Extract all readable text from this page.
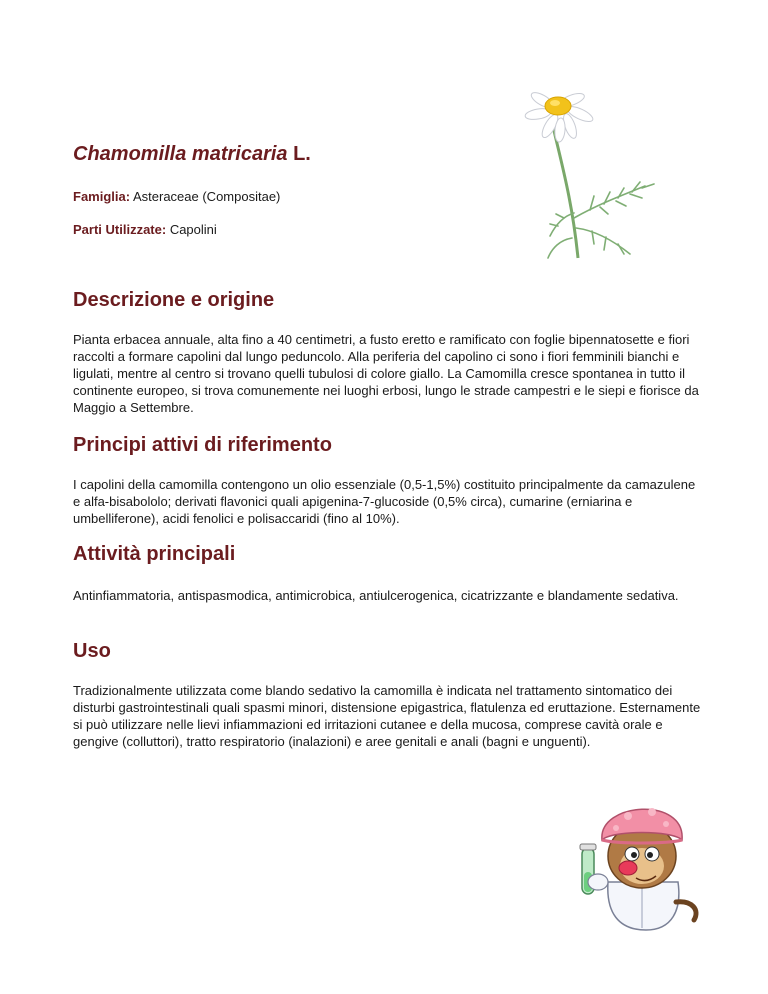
Chamomilla matricaria L.
Famiglia: Asteraceae (Compositae)
Parti Utilizzate: Capolini
Descrizione e origine

Pianta erbacea annuale, alta fino a 40 centimetri, a fusto eretto e ramificato con foglie bipennatosette e fiori raccolti a formare capolini dal lungo peduncolo. Alla periferia del capolino ci sono i fiori femminili bianchi e ligulati, mentre al centro si trovano quelli tubulosi di colore giallo. La Camomilla cresce spontanea in tutto il continente europeo, si trova comunemente nei luoghi erbosi, lungo le strade campestri e le siepi e fiorisce da Maggio a Settembre.

Principi attivi di riferimento

I capolini della camomilla contengono un olio essenziale (0,5-1,5%) costituito principalmente da camazulene e alfa-bisabololo; derivati flavonici quali apigenina-7-glucoside (0,5% circa), cumarine (erniarina e umbelliferone), acidi fenolici e polisaccaridi (fino al 10%).

Attività principali

Antinfiammatoria, antispasmodica, antimicrobica, antiulcerogenica, cicatrizzante e blandamente sedativa.

Uso

Tradizionalmente utilizzata come blando sedativo la camomilla è indicata nel trattamento sintomatico dei disturbi gastrointestinali quali spasmi minori, distensione epigastrica, flatulenza ed eruttazione. Esternamente si può utilizzare nelle lievi infiammazioni ed irritazioni cutanee e della mucosa, comprese cavità orale e gengive (colluttori), tratto respiratorio (inalazioni) e aree genitali e anali (bagni e unguenti).
